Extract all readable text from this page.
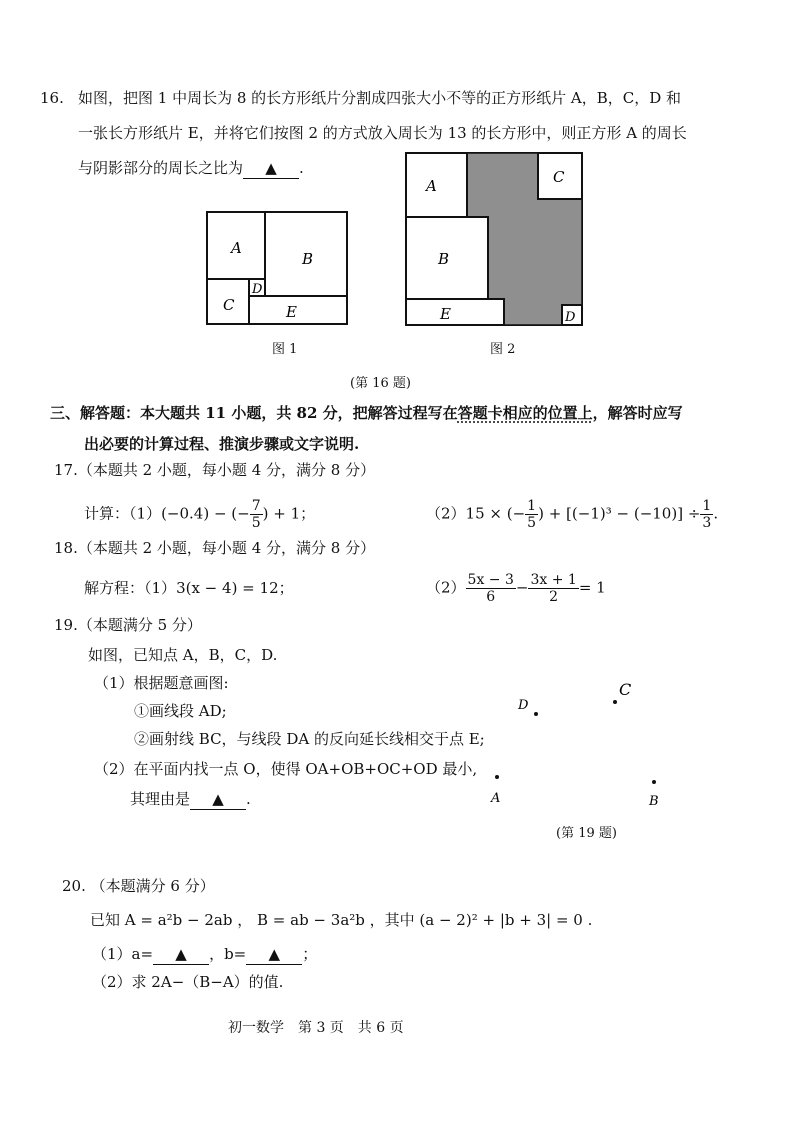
16. 如图，把图 1 中周长为 8 的长方形纸片分割成四张大小不等的正方形纸片 A，B，C，D 和
一张长方形纸片 E，并将它们按图 2 的方式放入周长为 13 的长方形中，则正方形 A 的周长
与阴影部分的周长之比为 ▲ .
A
B
C
D
E
图 1
A
B
C
D
E
图 2
(第 16 题)
三、解答题：本大题共 11 小题，共 82 分，把解答过程写在答题卡相应的位置上，解答时应写
出必要的计算过程、推演步骤或文字说明.
17.（本题共 2 小题，每小题 4 分，满分 8 分）
计算：（1）(−0.4) − (− $\frac{7}{5}$ ) + 1；	（2）15 × (− $\frac{1}{5}$ ) + $[(-1)^3 - (-10)] \div \frac{1}{3}$ .
18.（本题共 2 小题，每小题 4 分，满分 8 分）
解方程：（1）3(x − 4) = 12；	$(2) \frac{5x - 3}{6} - \frac{3x + 1}{2} = 1$
19.（本题满分 5 分）
如图，已知点 A，B，C，D.
（1）根据题意画图:
①画线段 AD;
②画射线 BC，与线段 DA 的反向延长线相交于点 E;
（2）在平面内找一点 O，使得 OA+OB+OC+OD 最小,
其理由是 ▲ .
D
C
B
A
(第 19 题)
20. （本题满分 6 分）
已知 A = a²b − 2ab ， B = ab − 3a²b ，其中 (a − 2)² + |b + 3| = 0 .
（1）a= ▲ ，b= ▲ ；
（2）求 2A−（B−A）的值.
初一数学　第 3 页　共 6 页
